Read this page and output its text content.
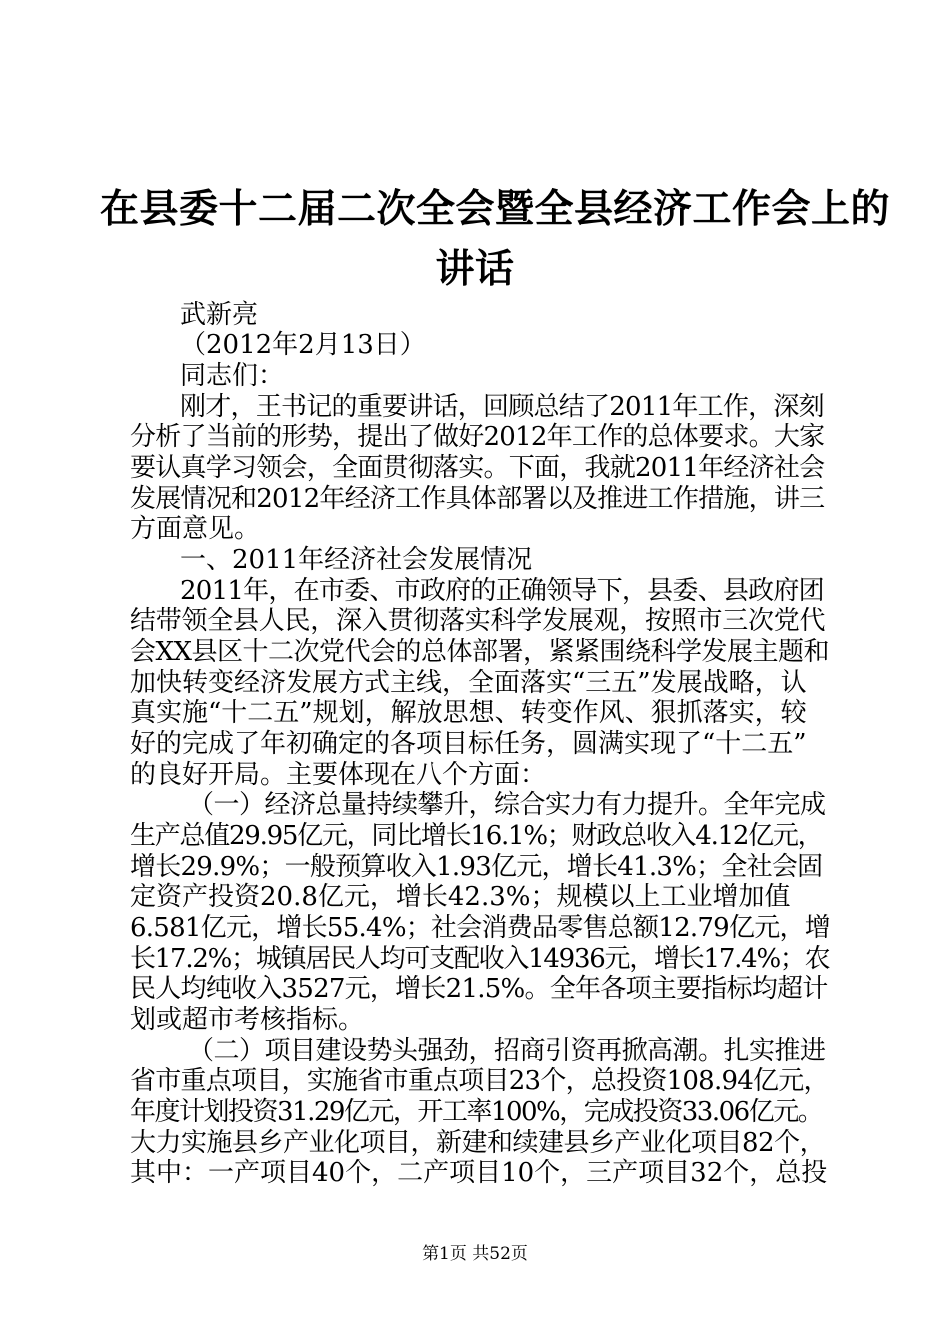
在县委十二届二次全会暨全县经济工作会上的
讲话
武新亮
（2012年2月13日）
同志们：
刚才，王书记的重要讲话，回顾总结了2011年工作，深刻
分析了当前的形势，提出了做好2012年工作的总体要求。大家
要认真学习领会，全面贯彻落实。下面，我就2011年经济社会
发展情况和2012年经济工作具体部署以及推进工作措施，讲三
方面意见。
一、2011年经济社会发展情况
2011年，在市委、市政府的正确领导下，县委、县政府团
结带领全县人民，深入贯彻落实科学发展观，按照市三次党代
会XX县区十二次党代会的总体部署，紧紧围绕科学发展主题和
加快转变经济发展方式主线，全面落实“三五”发展战略，认
真实施“十二五”规划，解放思想、转变作风、狠抓落实，较
好的完成了年初确定的各项目标任务，圆满实现了“十二五”
的良好开局。主要体现在八个方面：
（一）经济总量持续攀升，综合实力有力提升。全年完成
生产总值29.95亿元，同比增长16.1%；财政总收入4.12亿元，
增长29.9%；一般预算收入1.93亿元，增长41.3%；全社会固
定资产投资20.8亿元，增长42.3%；规模以上工业增加值
6.581亿元，增长55.4%；社会消费品零售总额12.79亿元，增
长17.2%；城镇居民人均可支配收入14936元，增长17.4%；农
民人均纯收入3527元，增长21.5%。全年各项主要指标均超计
划或超市考核指标。
（二）项目建设势头强劲，招商引资再掀高潮。扎实推进
省市重点项目，实施省市重点项目23个，总投资108.94亿元，
年度计划投资31.29亿元，开工率100%，完成投资33.06亿元。
大力实施县乡产业化项目，新建和续建县乡产业化项目82个，
其中：一产项目40个，二产项目10个，三产项目32个，总投
第1页 共52页
